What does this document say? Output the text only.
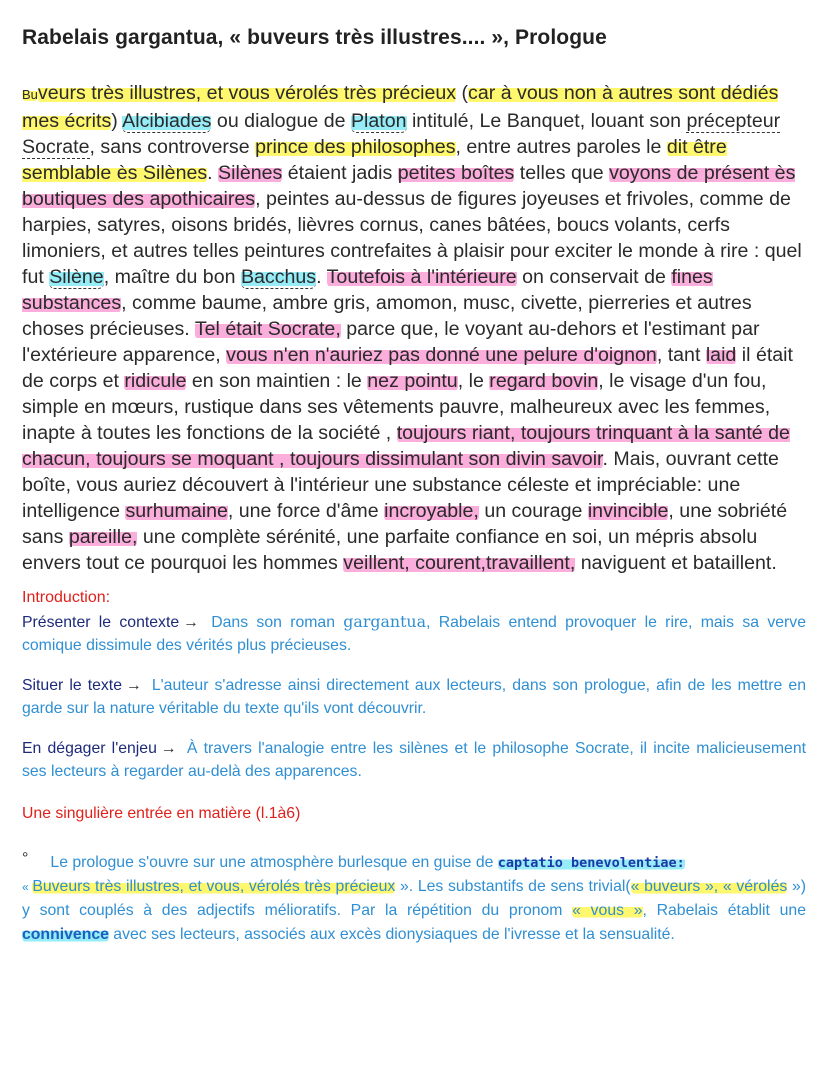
Rabelais gargantua, « buveurs très illustres.... », Prologue

Buveurs très illustres, et vous vérolés très précieux (car à vous non à autres sont dédiés mes écrits) Alcibiades ou dialogue de Platon intitulé, Le Banquet, louant son précepteur Socrate, sans controverse prince des philosophes, entre autres paroles le dit être semblable ès Silènes. Silènes étaient jadis petites boîtes telles que voyons de présent ès boutiques des apothicaires, peintes au-dessus de figures joyeuses et frivoles, comme de harpies, satyres, oisons bridés, lièvres cornus, canes bâtées, boucs volants, cerfs limoniers, et autres telles peintures contrefaites à plaisir pour exciter le monde à rire : quel fut Silène, maître du bon Bacchus. Toutefois à l'intérieure on conservait de fines substances, comme baume, ambre gris, amomon, musc, civette, pierreries et autres choses précieuses. Tel était Socrate, parce que, le voyant au-dehors et l'estimant par l'extérieure apparence, vous n'en n'auriez pas donné une pelure d'oignon, tant laid il était de corps et ridicule en son maintien : le nez pointu, le regard bovin, le visage d'un fou, simple en mœurs, rustique dans ses vêtements pauvre, malheureux avec les femmes, inapte à toutes les fonctions de la société , toujours riant, toujours trinquant à la santé de chacun, toujours se moquant , toujours dissimulant son divin savoir. Mais, ouvrant cette boîte, vous auriez découvert à l'intérieur une substance céleste et impréciable: une intelligence surhumaine, une force d'âme incroyable, un courage invincible, une sobriété sans pareille, une complète sérénité, une parfaite confiance en soi, un mépris absolu envers tout ce pourquoi les hommes veillent, courent,travaillent, naviguent et bataillent.

Introduction:
Présenter le contexte → Dans son roman gargantua, Rabelais entend provoquer le rire, mais sa verve comique dissimule des vérités plus précieuses.
Situer le texte → L'auteur s'adresse ainsi directement aux lecteurs, dans son prologue, afin de les mettre en garde sur la nature véritable du texte qu'ils vont découvrir.
En dégager l'enjeu → À travers l'analogie entre les silènes et le philosophe Socrate, il incite malicieusement ses lecteurs à regarder au-delà des apparences.
Une singulière entrée en matière (l.1à6)
° Le prologue s'ouvre sur une atmosphère burlesque en guise de captatio benevolentiae:
« Buveurs très illustres, et vous, vérolés très précieux ». Les substantifs de sens trivial(« buveurs », « vérolés ») y sont couplés à des adjectifs mélioratifs. Par la répétition du pronom « vous », Rabelais établit une connivence avec ses lecteurs, associés aux excès dionysiaques de l'ivresse et la sensualité.
